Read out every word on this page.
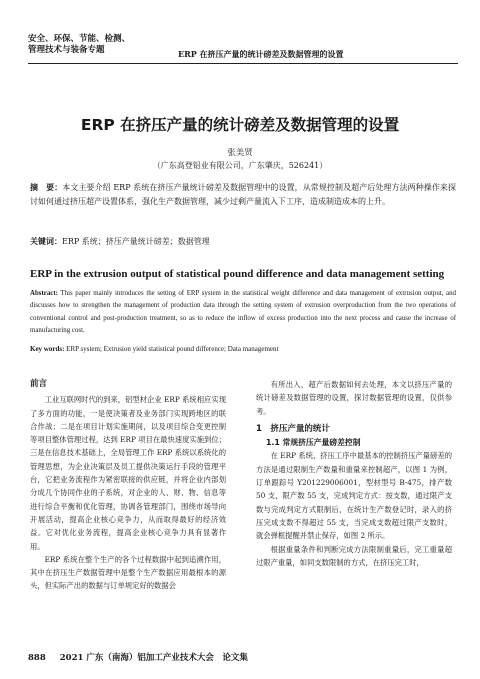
安全、环保、节能、检测、
管理技术与装备专题	ERP 在挤压产量的统计磅差及数据管理的设置
ERP 在挤压产量的统计磅差及数据管理的设置
张美贤
（广东高登铝业有限公司，广东肇庆，526241）
摘　要：本文主要介绍 ERP 系统在挤压产量统计磅差及数据管理中的设置，从常规控制及超产后处理方法两种操作来探讨如何通过挤压超产设置体系，强化生产数据管理，减少过剩产量流入下工序，造成制造成本的上升。
关键词：ERP 系统；挤压产量统计磅差；数据管理
ERP in the extrusion output of statistical pound difference and data management setting
Abstract: This paper mainly introduces the setting of ERP system in the statistical weight difference and data management of extrusion output, and discusses how to strengthen the management of production data through the setting system of extrusion overproduction from the two operations of conventional control and post-production treatment, so as to reduce the inflow of excess production into the next process and cause the increase of manufacturing cost.
Key words: ERP system; Extrusion yield statistical pound difference; Data management
前言

工业互联网时代的到来，铝型材企业 ERP 系统相应实现了多方面的功能，一是使决策者及业务部门实现跨地区的联合作战；二是在项目计划实施期间，以及项目综合变更控制等项目整体管理过程，达到 ERP 项目在最快速度实施到位；三是在信息技术基础上，全局管理工作 ERP 系统以系统化的管理思想，为企业决策层及员工提供决策运行手段的管理平台，它把业务流程作为紧密联接的供应链，并将企业内部划分成几个协同作业的子系统，对企业的人、财、物、信息等进行综合平衡和优化管理，协调各管理部门，围绕市场导向开展活动，提高企业核心竞争力，从而取得最好的经济效益。它对优化业务流程，提高企业核心竞争力具有显著作用。

ERP 系统在整个生产的各个过程数据中起到追溯作用，其中在挤压生产数据管理中是整个生产数据应用最根本的源头，但实际产出的数据与订单规定好的数据会

有所出入，超产后数据如何去处理，本文以挤压产量的统计磅差及数据管理的设置，探讨数据管理的设置，仅供参考。

1　挤压产量的统计
1.1 常规挤压产量磅差控制

在 ERP 系统，挤压工序中最基本的控制挤压产量磅差的方法是通过限制生产数量和重量来控制超产，以图 1 为例，订单跟踪号 Y201229006001，型材型号 B-475，排产数 50 支，限产数 55 支，完成判定方式：按支数，通过限产支数与完成判定方式限制后，在统计生产数登记时，录入的挤压完成支数不得超过 55 支，当完成支数超过限产支数时，就会弹框提醒并禁止保存，如图 2 所示。

根据重量条件和判断完成方法限制重量后，完工重量超过限产重量，如同支数限制的方式，在挤压完工时，

888 2021 广东（南海）铝加工产业技术大会　论文集
